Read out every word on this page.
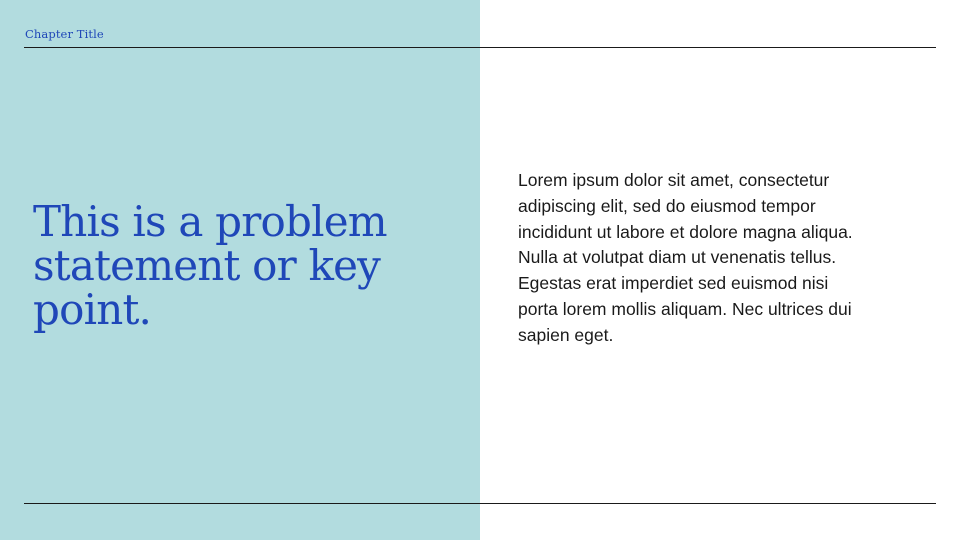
Chapter Title
This is a problem statement or key point.

Lorem ipsum dolor sit amet, consectetur adipiscing elit, sed do eiusmod tempor incididunt ut labore et dolore magna aliqua. Nulla at volutpat diam ut venenatis tellus. Egestas erat imperdiet sed euismod nisi porta lorem mollis aliquam. Nec ultrices dui sapien eget.
